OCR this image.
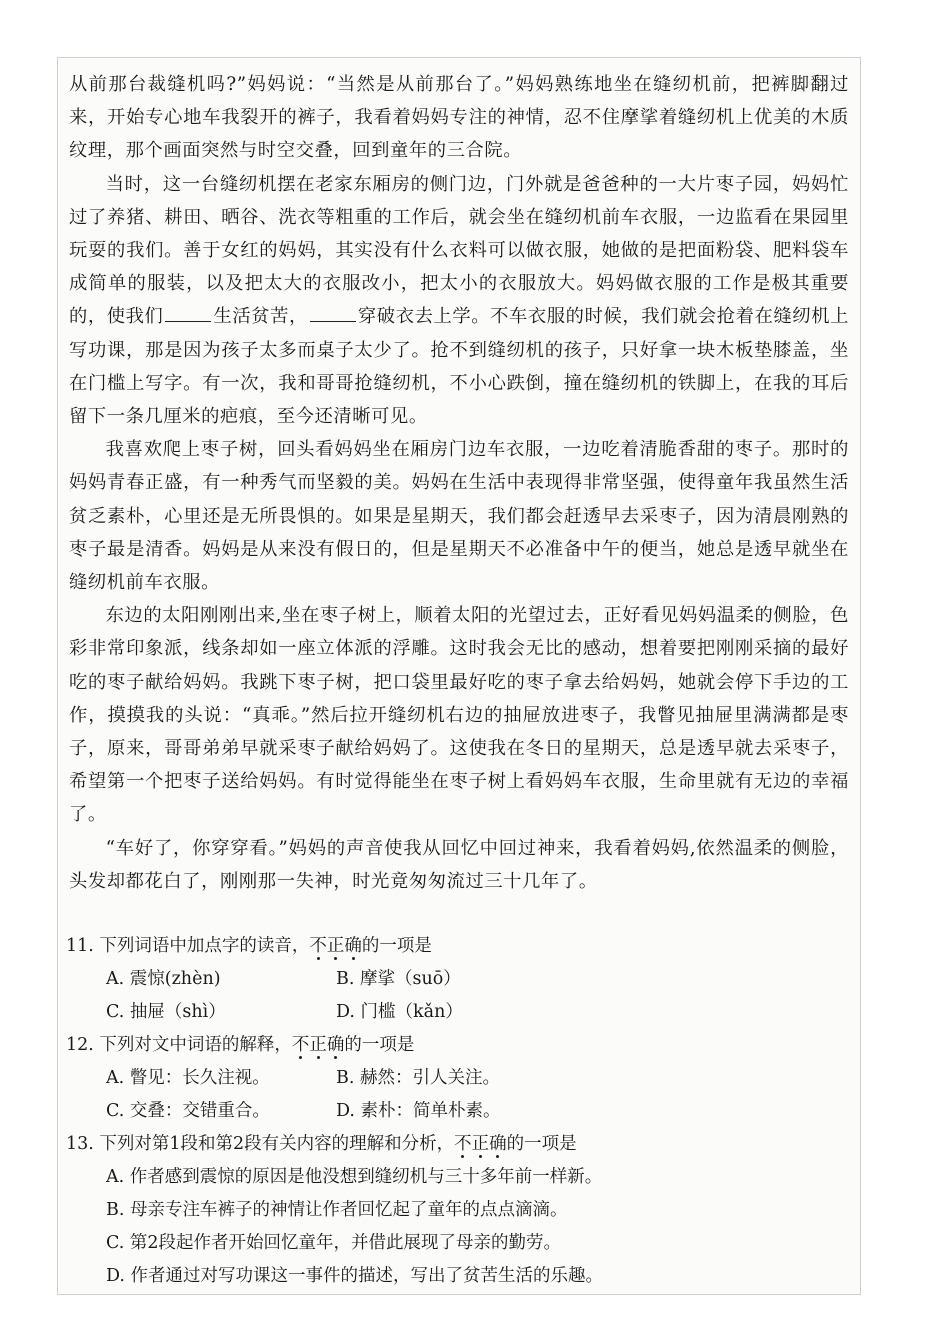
从前那台裁缝机吗?”妈妈说：“当然是从前那台了。”妈妈熟练地坐在缝纫机前，把裤脚翻过来，开始专心地车我裂开的裤子，我看着妈妈专注的神情，忍不住摩挲着缝纫机上优美的木质纹理，那个画面突然与时空交叠，回到童年的三合院。

当时，这一台缝纫机摆在老家东厢房的侧门边，门外就是爸爸种的一大片枣子园，妈妈忙过了养猪、耕田、晒谷、洗衣等粗重的工作后，就会坐在缝纫机前车衣服，一边监看在果园里玩耍的我们。善于女红的妈妈，其实没有什么衣料可以做衣服，她做的是把面粉袋、肥料袋车成简单的服装，以及把太大的衣服改小，把太小的衣服放大。妈妈做衣服的工作是极其重要的，使我们	生活贫苦，	穿破衣去上学。不车衣服的时候，我们就会抢着在缝纫机上写功课，那是因为孩子太多而桌子太少了。抢不到缝纫机的孩子，只好拿一块木板垫膝盖，坐在门槛上写字。有一次，我和哥哥抢缝纫机，不小心跌倒，撞在缝纫机的铁脚上，在我的耳后留下一条几厘米的疤痕，至今还清晰可见。

我喜欢爬上枣子树，回头看妈妈坐在厢房门边车衣服，一边吃着清脆香甜的枣子。那时的妈妈青春正盛，有一种秀气而坚毅的美。妈妈在生活中表现得非常坚强，使得童年我虽然生活贫乏素朴，心里还是无所畏惧的。如果是星期天，我们都会赶透早去采枣子，因为清晨刚熟的枣子最是清香。妈妈是从来没有假日的，但是星期天不必准备中午的便当，她总是透早就坐在缝纫机前车衣服。

东边的太阳刚刚出来,坐在枣子树上，顺着太阳的光望过去，正好看见妈妈温柔的侧脸，色彩非常印象派，线条却如一座立体派的浮雕。这时我会无比的感动，想着要把刚刚采摘的最好吃的枣子献给妈妈。我跳下枣子树，把口袋里最好吃的枣子拿去给妈妈，她就会停下手边的工作，摸摸我的头说：“真乖。”然后拉开缝纫机右边的抽屉放进枣子，我瞥见抽屉里满满都是枣子，原来，哥哥弟弟早就采枣子献给妈妈了。这使我在冬日的星期天，总是透早就去采枣子，希望第一个把枣子送给妈妈。有时觉得能坐在枣子树上看妈妈车衣服，生命里就有无边的幸福了。

“车好了，你穿穿看。”妈妈的声音使我从回忆中回过神来，我看着妈妈,依然温柔的侧脸，头发却都花白了，刚刚那一失神，时光竟匆匆流过三十几年了。

11. 下列词语中加点字的读音，不正确的一项是

A. 震惊(zhèn)	B. 摩挲（suō）
C. 抽屉（shì）	D. 门槛（kǎn）

12. 下列对文中词语的解释，不正确的一项是

A. 瞥见：长久注视。	B. 赫然：引人关注。
C. 交叠：交错重合。	D. 素朴：简单朴素。

13. 下列对第1段和第2段有关内容的理解和分析，不正确的一项是

A. 作者感到震惊的原因是他没想到缝纫机与三十多年前一样新。
B. 母亲专注车裤子的神情让作者回忆起了童年的点点滴滴。
C. 第2段起作者开始回忆童年，并借此展现了母亲的勤劳。
D. 作者通过对写功课这一事件的描述，写出了贫苦生活的乐趣。
